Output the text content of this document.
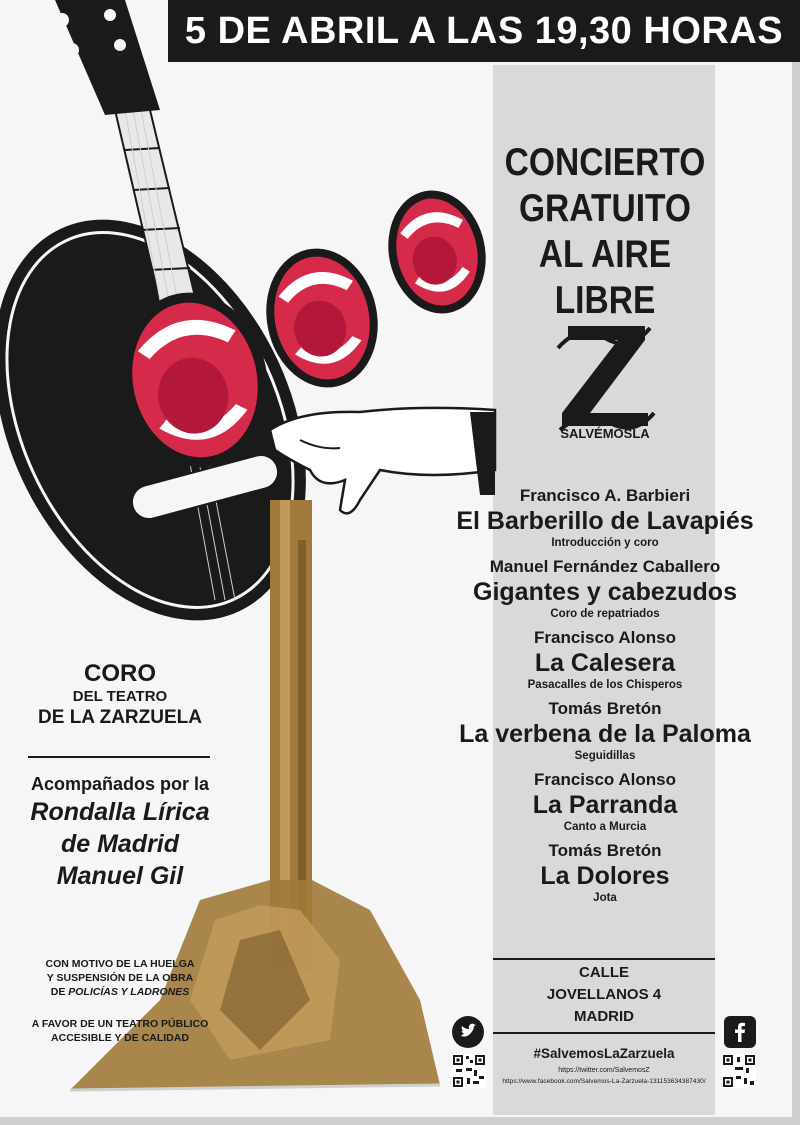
5 DE ABRIL A LAS 19,30 HORAS
CONCIERTO
GRATUITO
AL AIRE LIBRE
SALVÉMOSLA
Francisco A. Barbieri
El Barberillo de Lavapiés
Introducción y coro
Manuel Fernández Caballero
Gigantes y cabezudos
Coro de repatriados
Francisco Alonso
La Calesera
Pasacalles de los Chisperos
Tomás Bretón
La verbena de la Paloma
Seguidillas
Francisco Alonso
La Parranda
Canto a Murcia
Tomás Bretón
La Dolores
Jota
CALLE
JOVELLANOS 4
MADRID
#SalvemosLaZarzuela
https://twitter.com/SalvemosZ
https://www.facebook.com/Salvemos-La-Zarzuela-131153634387430/
CORO
DEL TEATRO
DE LA ZARZUELA
Acompañados por la
Rondalla Lírica
de Madrid
Manuel Gil
CON MOTIVO DE LA HUELGA
Y SUSPENSIÓN DE LA OBRA
DE POLICÍAS Y LADRONES
A FAVOR DE UN TEATRO PÚBLICO
ACCESIBLE Y DE CALIDAD
